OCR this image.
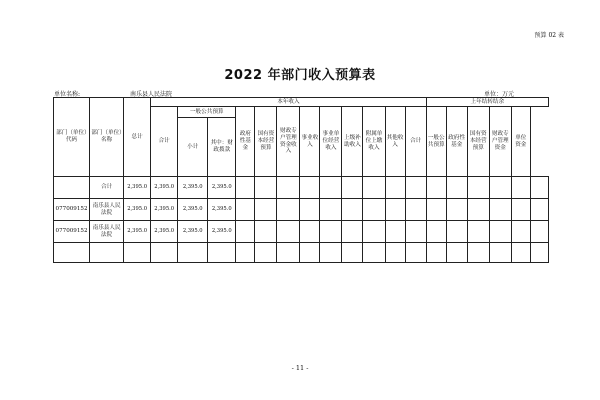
预算 02 表
2022 年部门收入预算表
单位名称:	南乐县人民法院	单位：万元
部门（单位）代码	部门（单位）名称	总计	本年收入												上年结转结余					
			合计	一般公共预算		政府性基金	国有资本经营预算	财政专户管理资金收入	事业收入	事业单位经营收入	上级补助收入	附属单位上缴收入	其他收入	合计	一般公共预算	政府性基金	国有资本经营预算	财政专户管理资金	单位资金	
				小计	其中：财政拨款															
	合计	2,395.0	2,395.0	2,395.0	2,395.0															
077009152	南乐县人民法院	2,395.0	2,395.0	2,395.0	2,395.0															
077009152	南乐县人民法院	2,395.0	2,395.0	2,395.0	2,395.0															

- 11 -
